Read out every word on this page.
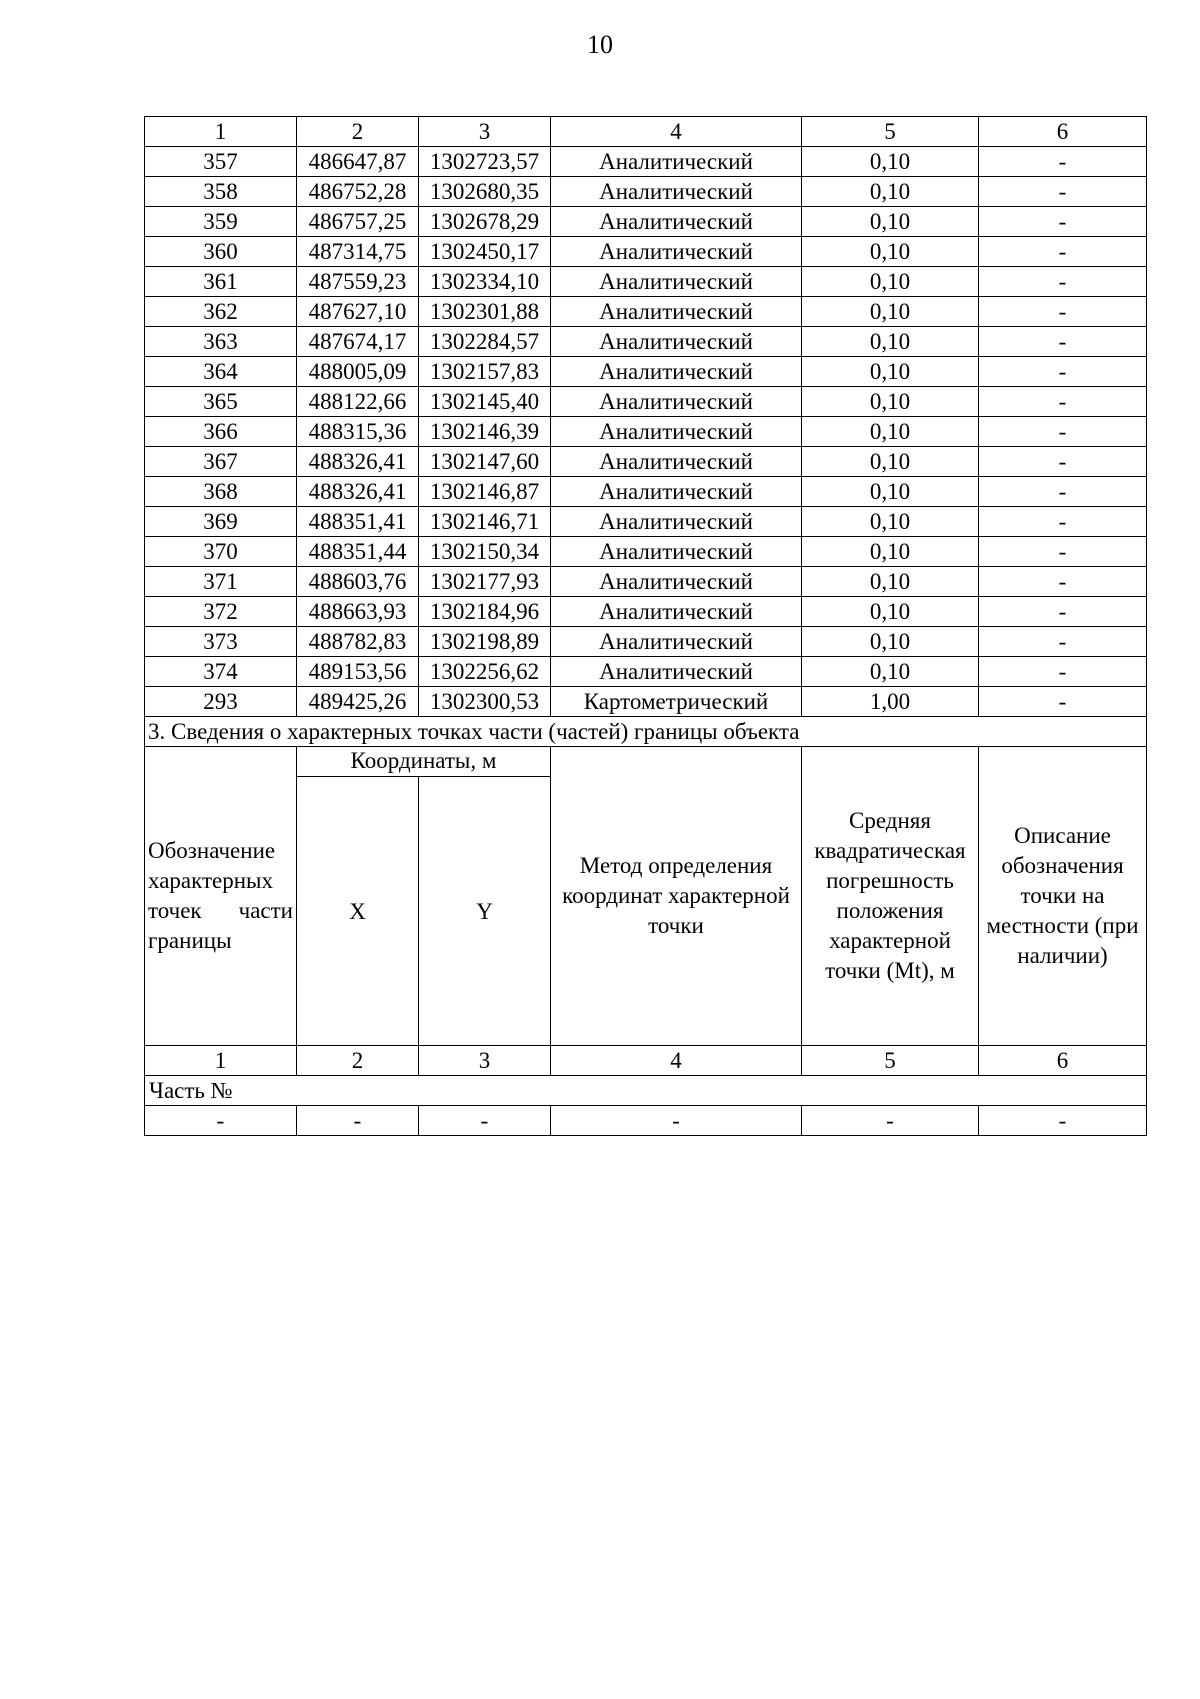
10
1	2	3	4	5	6
357	486647,87	1302723,57	Аналитический	0,10	-
358	486752,28	1302680,35	Аналитический	0,10	-
359	486757,25	1302678,29	Аналитический	0,10	-
360	487314,75	1302450,17	Аналитический	0,10	-
361	487559,23	1302334,10	Аналитический	0,10	-
362	487627,10	1302301,88	Аналитический	0,10	-
363	487674,17	1302284,57	Аналитический	0,10	-
364	488005,09	1302157,83	Аналитический	0,10	-
365	488122,66	1302145,40	Аналитический	0,10	-
366	488315,36	1302146,39	Аналитический	0,10	-
367	488326,41	1302147,60	Аналитический	0,10	-
368	488326,41	1302146,87	Аналитический	0,10	-
369	488351,41	1302146,71	Аналитический	0,10	-
370	488351,44	1302150,34	Аналитический	0,10	-
371	488603,76	1302177,93	Аналитический	0,10	-
372	488663,93	1302184,96	Аналитический	0,10	-
373	488782,83	1302198,89	Аналитический	0,10	-
374	489153,56	1302256,62	Аналитический	0,10	-
293	489425,26	1302300,53	Картометрический	1,00	-
3. Сведения о характерных точках части (частей) границы объекта					

Обозначение
характерных
точек части
границы	Координаты, м		Метод определения координат характерной точки	Средняя квадратическая погрешность положения характерной точки (Mt), м	Описание обозначения точки на местности (при наличии)
	X	Y			
1	2	3	4	5	6
Часть №					
-	-	-	-	-	-
